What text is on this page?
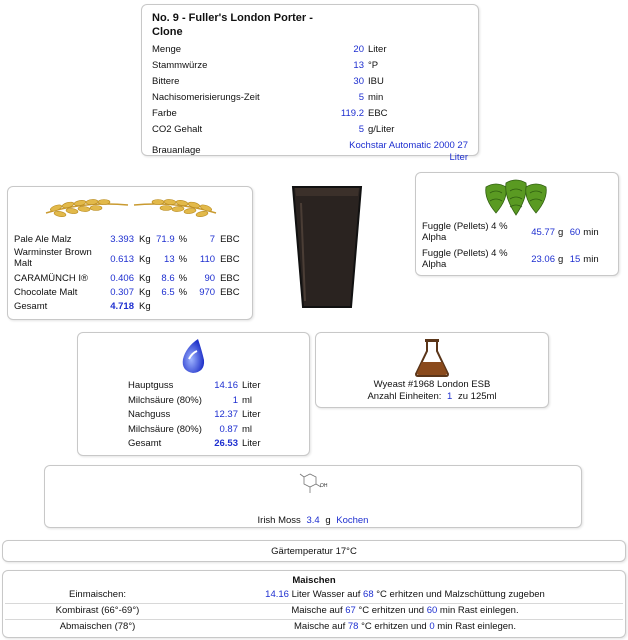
No. 9 - Fuller's London Porter - Clone
Menge	20	Liter
Stammwürze	13	°P
Bittere	30	IBU
Nachisomerisierungs-Zeit	5	min
Farbe	119.2	EBC
CO2 Gehalt	5	g/Liter
Brauanlage	Kochstar Automatic 2000 27 Liter	
Pale Ale Malz	3.393	Kg	71.9	%	7	EBC
Warminster Brown Malt	0.613	Kg	13	%	110	EBC
CARAMÜNCH I®	0.406	Kg	8.6	%	90	EBC
Chocolate Malt	0.307	Kg	6.5	%	970	EBC
Gesamt	4.718	Kg				
Fuggle (Pellets) 4 % Alpha	45.77	g	60	min
Fuggle (Pellets) 4 % Alpha	23.06	g	15	min
Hauptguss	14.16	Liter
Milchsäure (80%)	1	ml
Nachguss	12.37	Liter
Milchsäure (80%)	0.87	ml
Gesamt	26.53	Liter
Wyeast #1968 London ESB
Anzahl Einheiten: 1 zu 125ml
OH
Irish Moss 3.4 g Kochen
Gärtemperatur 17°C
Maischen
Einmaischen:	14.16 Liter Wasser auf 68 °C erhitzen und Malzschüttung zugeben
Kombirast (66°-69°)	Maische auf 67 °C erhitzen und 60 min Rast einlegen.
Abmaischen (78°)	Maische auf 78 °C erhitzen und 0 min Rast einlegen.
